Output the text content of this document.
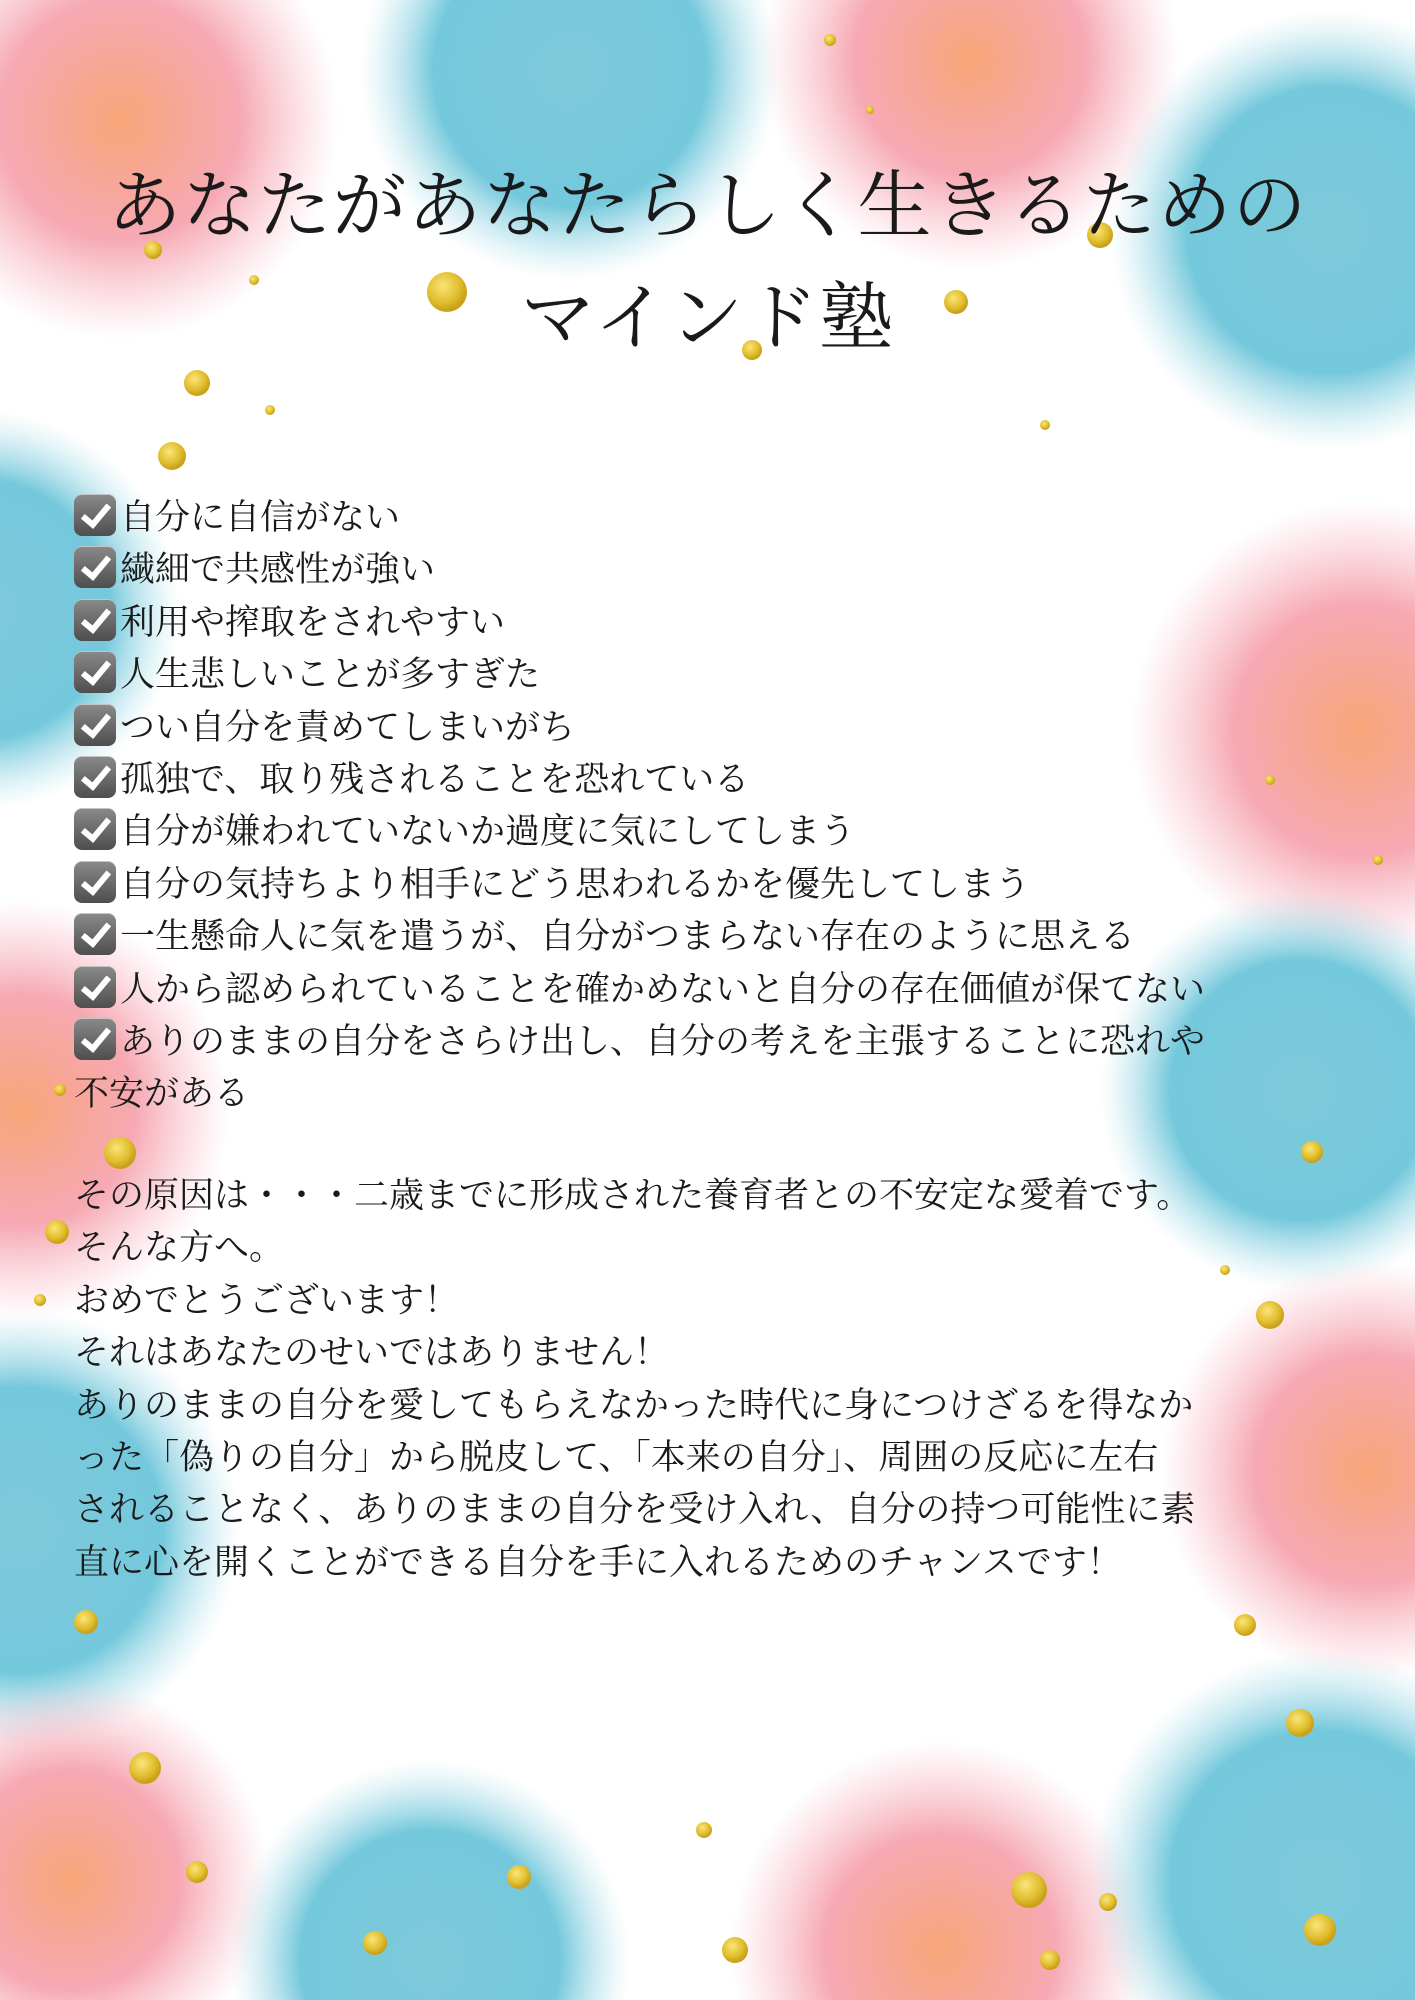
あなたがあなたらしく生きるための
マインド塾
自分に自信がない
繊細で共感性が強い
利用や搾取をされやすい
人生悲しいことが多すぎた
つい自分を責めてしまいがち
孤独で、取り残されることを恐れている
自分が嫌われていないか過度に気にしてしまう
自分の気持ちより相手にどう思われるかを優先してしまう
一生懸命人に気を遣うが、自分がつまらない存在のように思える
人から認められていることを確かめないと自分の存在価値が保てない
ありのままの自分をさらけ出し、自分の考えを主張することに恐れや
不安がある
その原因は・・・二歳までに形成された養育者との不安定な愛着です。
そんな方へ。
おめでとうございます！
それはあなたのせいではありません！
ありのままの自分を愛してもらえなかった時代に身につけざるを得なか
った「偽りの自分」から脱皮して、「本来の自分」、周囲の反応に左右
されることなく、ありのままの自分を受け入れ、自分の持つ可能性に素
直に心を開くことができる自分を手に入れるためのチャンスです！
